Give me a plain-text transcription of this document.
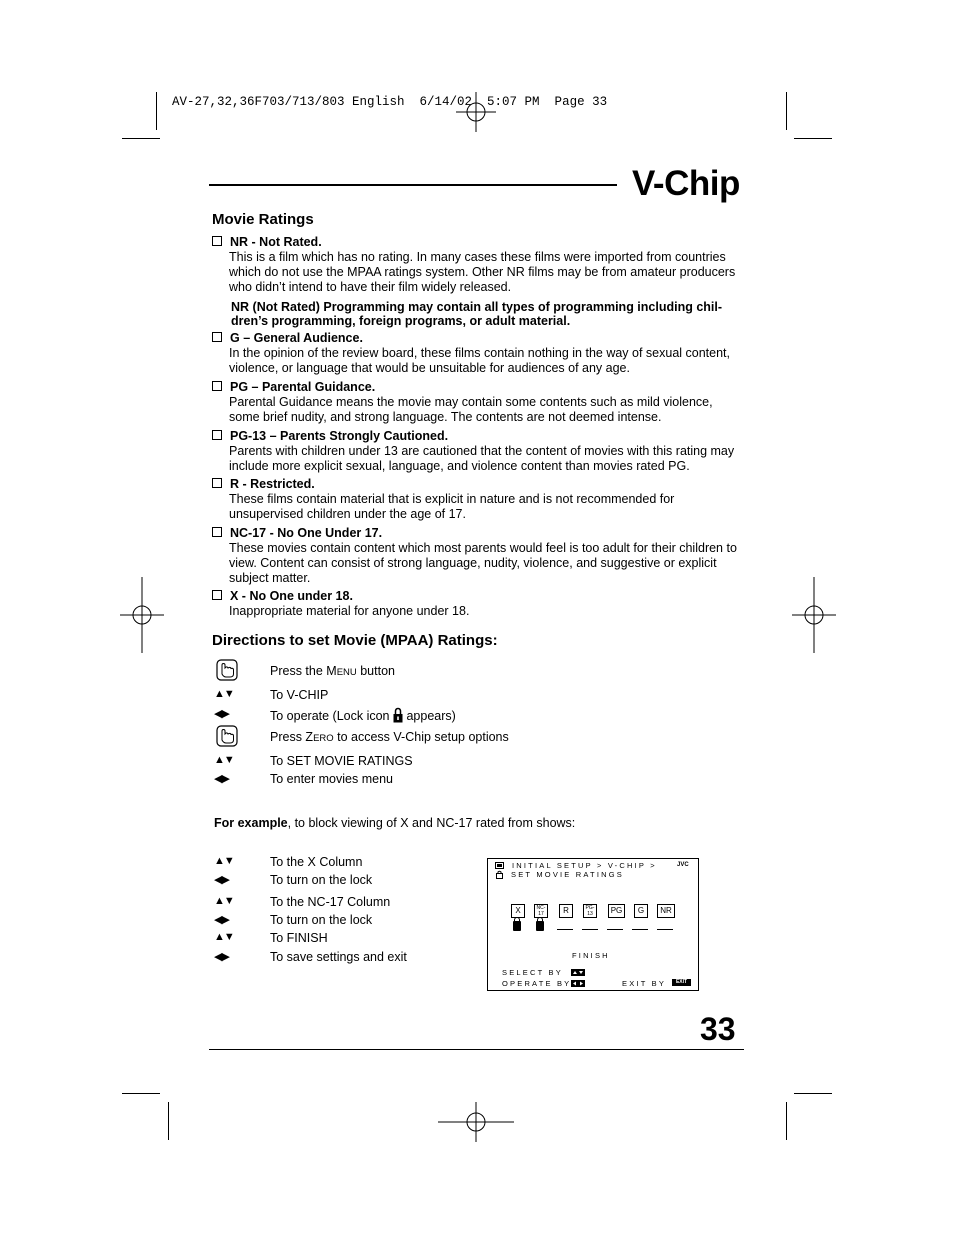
AV-27,32,36F703/713/803 English  6/14/02  5:07 PM  Page 33
V-Chip
Movie Ratings
NR - Not Rated.
This is a film which has no rating. In many cases these films were imported from countries which do not use the MPAA ratings system. Other NR films may be from amateur producers who didn’t intend to have their film widely released.
NR (Not Rated) Programming may contain all types of programming including chil-
dren’s programming, foreign programs, or adult material.
G – General Audience.
In the opinion of the review board, these films contain nothing in the way of sexual content, violence, or language that would be unsuitable for audiences of any age.
PG – Parental Guidance.
Parental Guidance means the movie may contain some contents such as mild violence, some brief nudity, and strong language. The contents are not deemed intense.
PG-13 – Parents Strongly Cautioned.
Parents with children under 13 are cautioned that the content of movies with this rating may include more explicit sexual, language, and violence content than movies rated PG.
R - Restricted.
These films contain material that is explicit in nature and is not recommended for unsupervised children under the age of 17.
NC-17 - No One Under 17.
These movies contain content which most parents would feel is too adult for their children to view. Content can consist of strong language, nudity, violence, and suggestive or explicit subject matter.
X - No One under 18.
Inappropriate material for anyone under 18.
Directions to set Movie (MPAA) Ratings:
Press the MENU button
▲▼	To V-CHIP
◀▶	To operate (Lock icon  appears)
Press ZERO to access V-Chip setup options
▲▼	To SET MOVIE RATINGS
◀▶	To enter movies menu
For example, to block viewing of X and NC-17 rated from shows:
▲▼	To the X Column
◀▶	To turn on the lock
▲▼	To the NC-17 Column
◀▶	To turn on the lock
▲▼	To FINISH
◀▶	To save settings and exit
INITIAL SETUP > V-CHIP >
SET MOVIE RATINGS
JVC
X	NC-17	R	PG-13	PG	G	NR
FINISH
SELECT BY
OPERATE BY	EXIT BY	EXIT
33
